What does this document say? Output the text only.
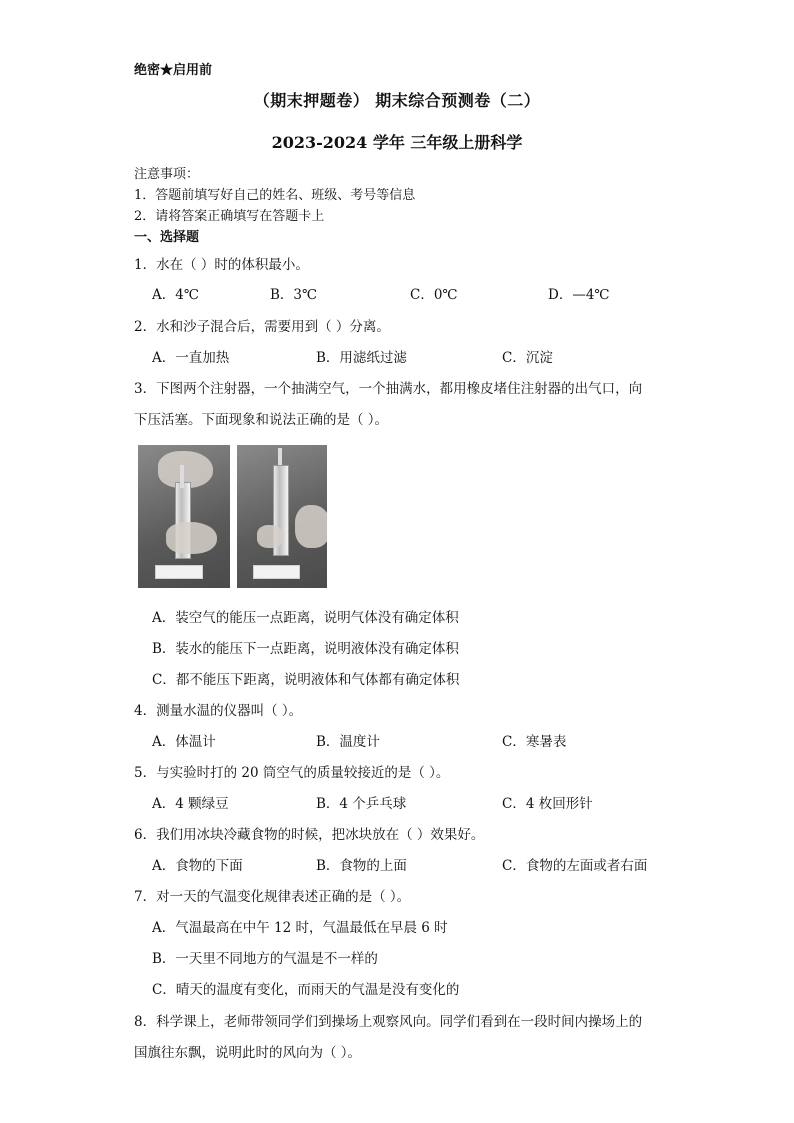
绝密★启用前
（期末押题卷） 期末综合预测卷（二）
2023-2024 学年 三年级上册科学
注意事项：
1．答题前填写好自己的姓名、班级、考号等信息
2．请将答案正确填写在答题卡上
一、选择题
1．水在（ ）时的体积最小。
A．4℃	B．3℃	C．0℃	D．—4℃
2．水和沙子混合后，需要用到（ ）分离。
A．一直加热	B．用滤纸过滤	C．沉淀
3．下图两个注射器，一个抽满空气，一个抽满水，都用橡皮堵住注射器的出气口，向
下压活塞。下面现象和说法正确的是（ ）。
A．装空气的能压一点距离，说明气体没有确定体积
B．装水的能压下一点距离，说明液体没有确定体积
C．都不能压下距离，说明液体和气体都有确定体积
4．测量水温的仪器叫（ ）。
A．体温计	B．温度计	C．寒暑表
5．与实验时打的 20 筒空气的质量较接近的是（ ）。
A．4 颗绿豆	B．4 个乒乓球	C．4 枚回形针
6．我们用冰块冷藏食物的时候，把冰块放在（ ）效果好。
A．食物的下面	B．食物的上面	C．食物的左面或者右面
7．对一天的气温变化规律表述正确的是（ ）。
A．气温最高在中午 12 时，气温最低在早晨 6 时
B．一天里不同地方的气温是不一样的
C．晴天的温度有变化，而雨天的气温是没有变化的
8．科学课上，老师带领同学们到操场上观察风向。同学们看到在一段时间内操场上的
国旗往东飘，说明此时的风向为（ ）。
